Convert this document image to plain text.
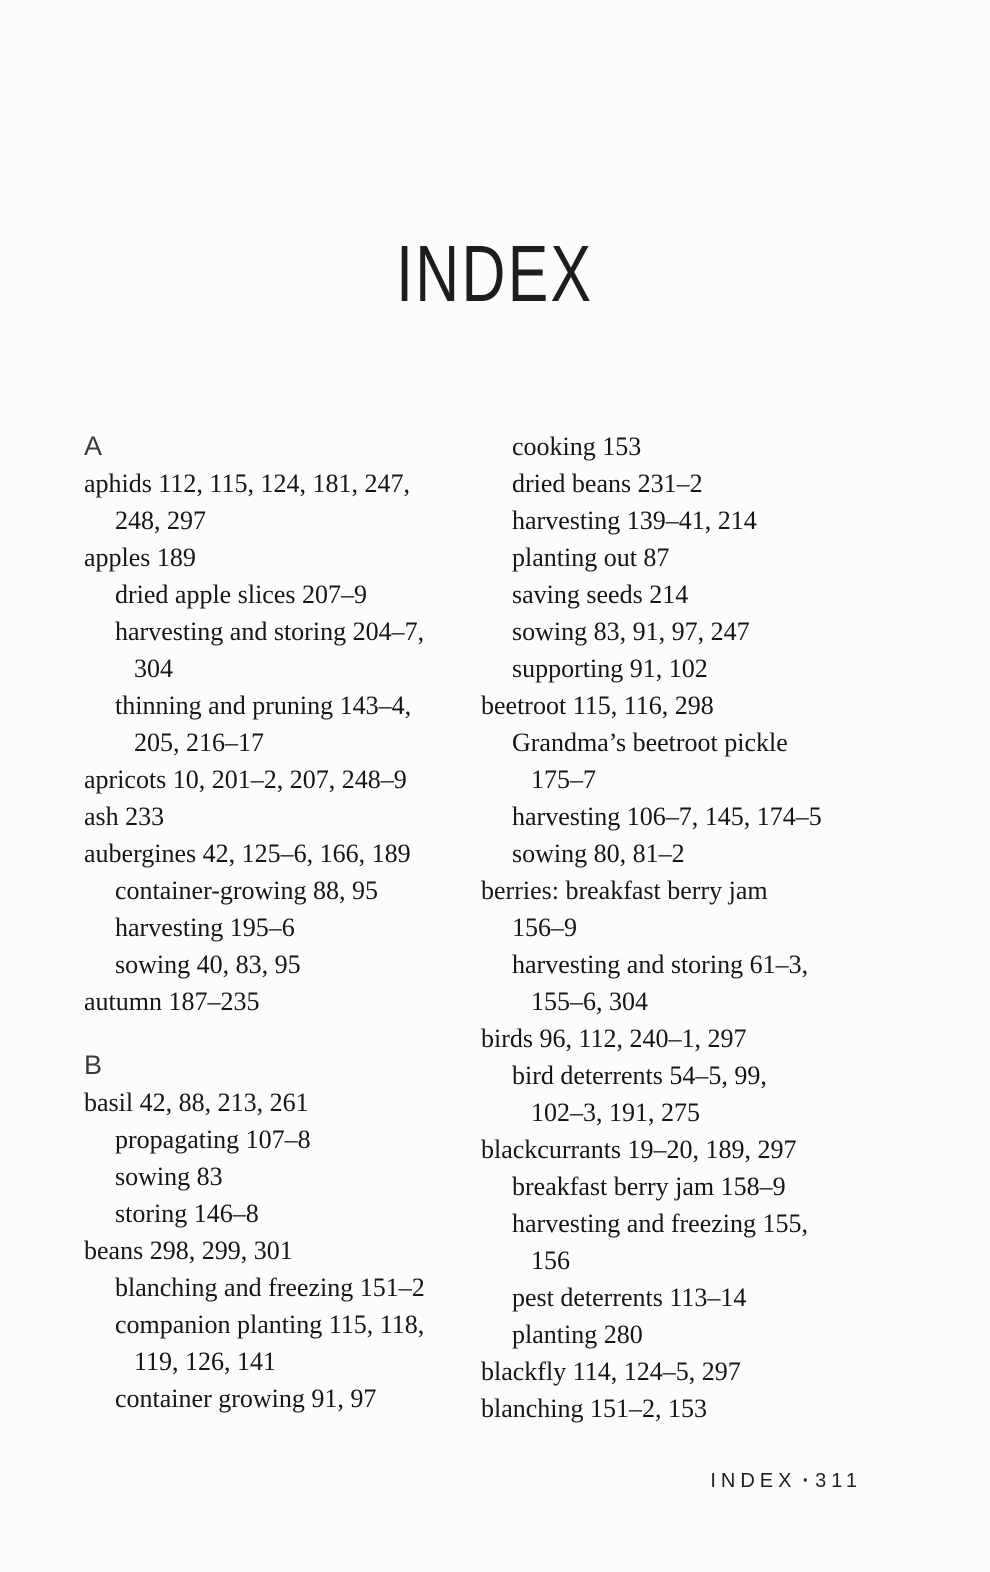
INDEX
A
aphids 112, 115, 124, 181, 247,
248, 297
apples 189
dried apple slices 207–9
harvesting and storing 204–7,
304
thinning and pruning 143–4,
205, 216–17
apricots 10, 201–2, 207, 248–9
ash 233
aubergines 42, 125–6, 166, 189
container-growing 88, 95
harvesting 195–6
sowing 40, 83, 95
autumn 187–235
B
basil 42, 88, 213, 261
propagating 107–8
sowing 83
storing 146–8
beans 298, 299, 301
blanching and freezing 151–2
companion planting 115, 118,
119, 126, 141
container growing 91, 97
cooking 153
dried beans 231–2
harvesting 139–41, 214
planting out 87
saving seeds 214
sowing 83, 91, 97, 247
supporting 91, 102
beetroot 115, 116, 298
Grandma’s beetroot pickle
175–7
harvesting 106–7, 145, 174–5
sowing 80, 81–2
berries: breakfast berry jam
156–9
harvesting and storing 61–3,
155–6, 304
birds 96, 112, 240–1, 297
bird deterrents 54–5, 99,
102–3, 191, 275
blackcurrants 19–20, 189, 297
breakfast berry jam 158–9
harvesting and freezing 155,
156
pest deterrents 113–14
planting 280
blackfly 114, 124–5, 297
blanching 151–2, 153
INDEX · 311
